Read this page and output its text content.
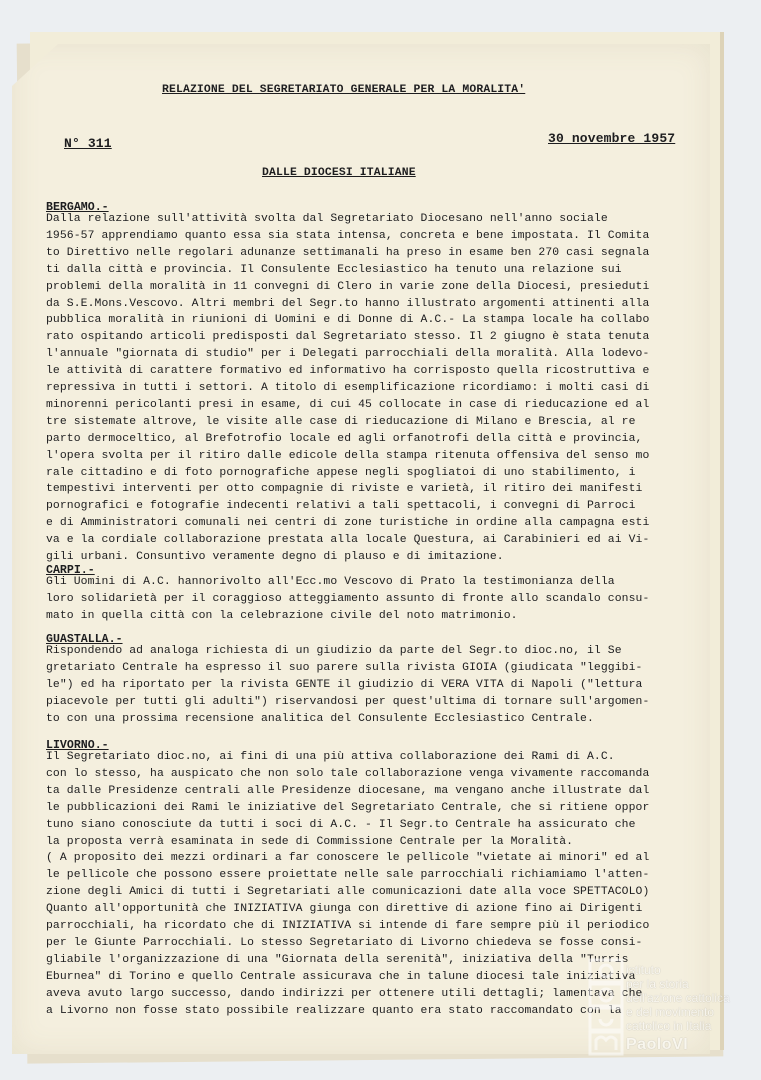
RELAZIONE DEL SEGRETARIATO GENERALE PER LA MORALITA'
N° 311	30 novembre 1957
DALLE DIOCESI ITALIANE
BERGAMO.-
Dalla relazione sull'attività svolta dal Segretariato Diocesano nell'anno sociale
1956-57 apprendiamo quanto essa sia stata intensa, concreta e bene impostata. Il Comita
to Direttivo nelle regolari adunanze settimanali ha preso in esame ben 270 casi segnala
ti dalla città e provincia. Il Consulente Ecclesiastico ha tenuto una relazione sui
problemi della moralità in 11 convegni di Clero in varie zone della Diocesi, presieduti
da S.E.Mons.Vescovo. Altri membri del Segr.to hanno illustrato argomenti attinenti alla
pubblica moralità in riunioni di Uomini e di Donne di A.C.- La stampa locale ha collabo
rato ospitando articoli predisposti dal Segretariato stesso. Il 2 giugno è stata tenuta
l'annuale "giornata di studio" per i Delegati parrocchiali della moralità. Alla lodevo-
le attività di carattere formativo ed informativo ha corrisposto quella ricostruttiva e
repressiva in tutti i settori. A titolo di esemplificazione ricordiamo: i molti casi di
minorenni pericolanti presi in esame, di cui 45 collocate in case di rieducazione ed al
tre sistemate altrove, le visite alle case di rieducazione di Milano e Brescia, al re
parto dermoceltico, al Brefotrofio locale ed agli orfanotrofi della città e provincia,
l'opera svolta per il ritiro dalle edicole della stampa ritenuta offensiva del senso mo
rale cittadino e di foto pornografiche appese negli spogliatoi di uno stabilimento, i
tempestivi interventi per otto compagnie di riviste e varietà, il ritiro dei manifesti
pornografici e fotografie indecenti relativi a tali spettacoli, i convegni di Parroci
e di Amministratori comunali nei centri di zone turistiche in ordine alla campagna esti
va e la cordiale collaborazione prestata alla locale Questura, ai Carabinieri ed ai Vi-
gili urbani. Consuntivo veramente degno di plauso e di imitazione.
CARPI.-
Gli Uomini di A.C. hannorivolto all'Ecc.mo Vescovo di Prato la testimonianza della
loro solidarietà per il coraggioso atteggiamento assunto di fronte allo scandalo consu-
mato in quella città con la celebrazione civile del noto matrimonio.
GUASTALLA.-
Rispondendo ad analoga richiesta di un giudizio da parte del Segr.to dioc.no, il Se
gretariato Centrale ha espresso il suo parere sulla rivista GIOIA (giudicata "leggibi-
le") ed ha riportato per la rivista GENTE il giudizio di VERA VITA di Napoli ("lettura
piacevole per tutti gli adulti") riservandosi per quest'ultima di tornare sull'argomen-
to con una prossima recensione analitica del Consulente Ecclesiastico Centrale.
LIVORNO.-
Il Segretariato dioc.no, ai fini di una più attiva collaborazione dei Rami di A.C.
con lo stesso, ha auspicato che non solo tale collaborazione venga vivamente raccomanda
ta dalle Presidenze centrali alle Presidenze diocesane, ma vengano anche illustrate dal
le pubblicazioni dei Rami le iniziative del Segretariato Centrale, che si ritiene oppor
tuno siano conosciute da tutti i soci di A.C. - Il Segr.to Centrale ha assicurato che
la proposta verrà esaminata in sede di Commissione Centrale per la Moralità.
( A proposito dei mezzi ordinari a far conoscere le pellicole "vietate ai minori" ed al
le pellicole che possono essere proiettate nelle sale parrocchiali richiamiamo l'atten-
zione degli Amici di tutti i Segretariati alle comunicazioni date alla voce SPETTACOLO)
Quanto all'opportunità che INIZIATIVA giunga con direttive di azione fino ai Dirigenti
parrocchiali, ha ricordato che di INIZIATIVA si intende di fare sempre più il periodico
per le Giunte Parrocchiali. Lo stesso Segretariato di Livorno chiedeva se fosse consi-
gliabile l'organizzazione di una "Giornata della serenità", iniziativa della "Turris
Eburnea" di Torino e quello Centrale assicurava che in talune diocesi tale iniziativa
aveva avuto largo successo, dando indirizzi per ottenere utili dettagli; lamentava che
a Livorno non fosse stato possibile realizzare quanto era stato raccomandato con la
istituto
per la storia
dell'azione cattolica
e del movimento
cattolico in Italia
PaoloVI
